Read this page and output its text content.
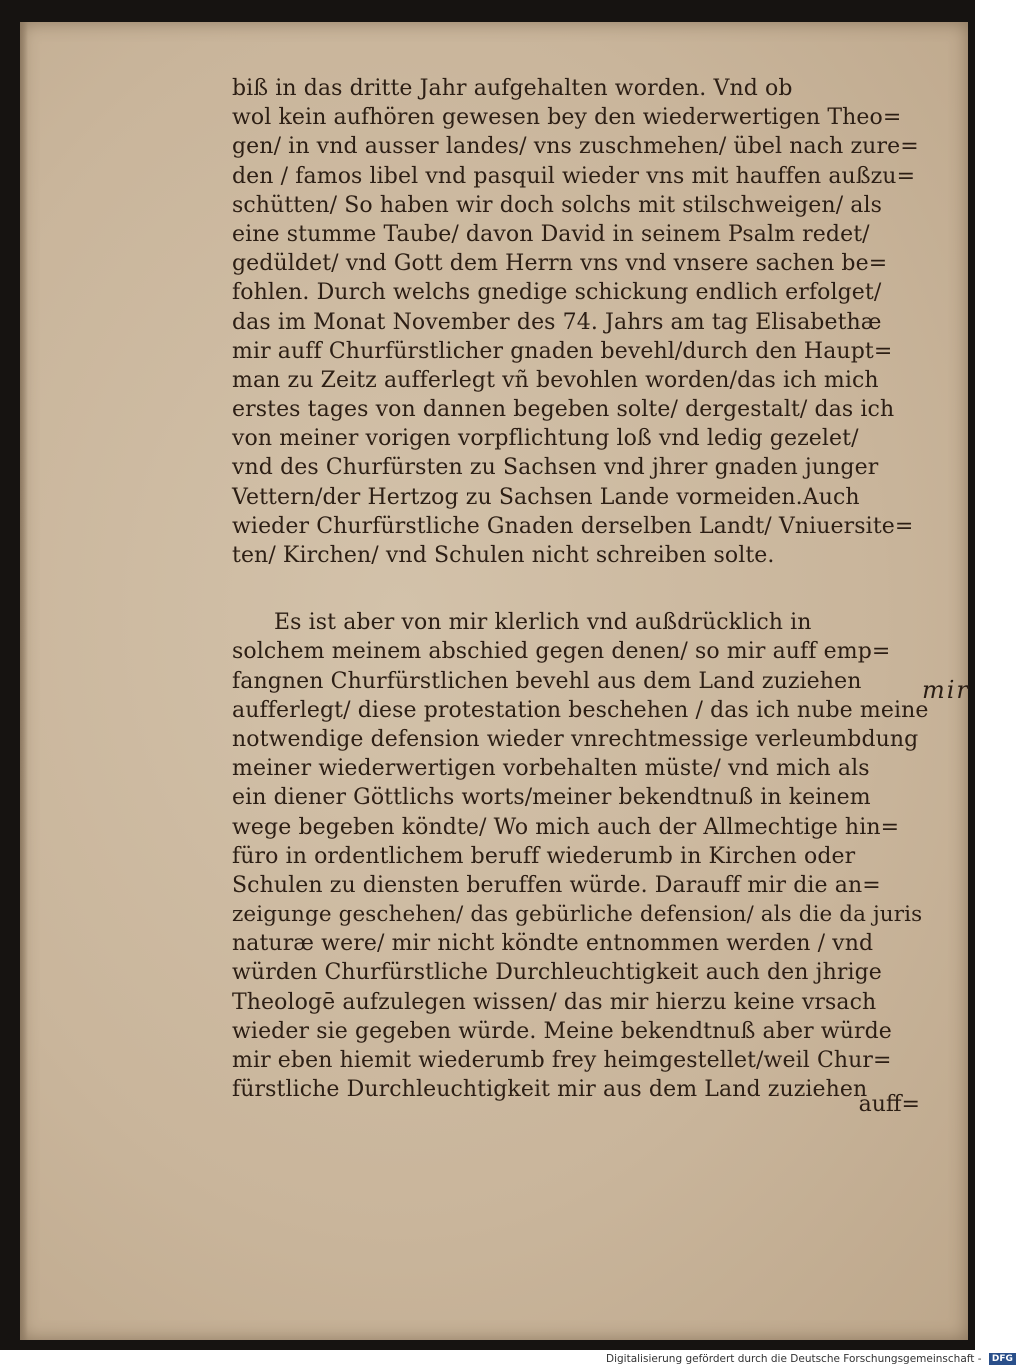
biß in das dritte Jahr aufgehalten worden. Vnd ob
wol kein aufhören gewesen bey den wiederwertigen Theo=
gen/ in vnd ausser landes/ vns zuschmehen/ übel nach zure=
den / famos libel vnd pasquil wieder vns mit hauffen außzu=
schütten/ So haben wir doch solchs mit stilschweigen/ als
eine stumme Taube/ davon David in seinem Psalm redet/
gedüldet/ vnd Gott dem Herrn vns vnd vnsere sachen be=
fohlen. Durch welchs gnedige schickung endlich erfolget/
das im Monat November des 74. Jahrs am tag Elisabethæ
mir auff Churfürstlicher gnaden bevehl/durch den Haupt=
man zu Zeitz aufferlegt vñ bevohlen worden/das ich mich
erstes tages von dannen begeben solte/ dergestalt/ das ich
von meiner vorigen vorpflichtung loß vnd ledig gezelet/
vnd des Churfürsten zu Sachsen vnd jhrer gnaden junger
Vettern/der Hertzog zu Sachsen Lande vormeiden.Auch
wieder Churfürstliche Gnaden derselben Landt/ Vniuersite=
ten/ Kirchen/ vnd Schulen nicht schreiben solte.
Es ist aber von mir klerlich vnd außdrücklich in
solchem meinem abschied gegen denen/ so mir auff emp=
fangnen Churfürstlichen bevehl aus dem Land zuziehen
aufferlegt/ diese protestation beschehen / das ich nube meine
notwendige defension wieder vnrechtmessige verleumbdung
meiner wiederwertigen vorbehalten müste/ vnd mich als
ein diener Göttlichs worts/meiner bekendtnuß in keinem
wege begeben köndte/ Wo mich auch der Allmechtige hin=
füro in ordentlichem beruff wiederumb in Kirchen oder
Schulen zu diensten beruffen würde. Darauff mir die an=
zeigunge geschehen/ das gebürliche defension/ als die da juris
naturæ were/ mir nicht köndte entnommen werden / vnd
würden Churfürstliche Durchleuchtigkeit auch den jhrige
Theologē aufzulegen wissen/ das mir hierzu keine vrsach
wieder sie gegeben würde. Meine bekendtnuß aber würde
mir eben hiemit wiederumb frey heimgestellet/weil Chur=
fürstliche Durchleuchtigkeit mir aus dem Land zuziehen
mir
auff=
Digitalisierung gefördert durch die Deutsche Forschungsgemeinschaft - DFG
